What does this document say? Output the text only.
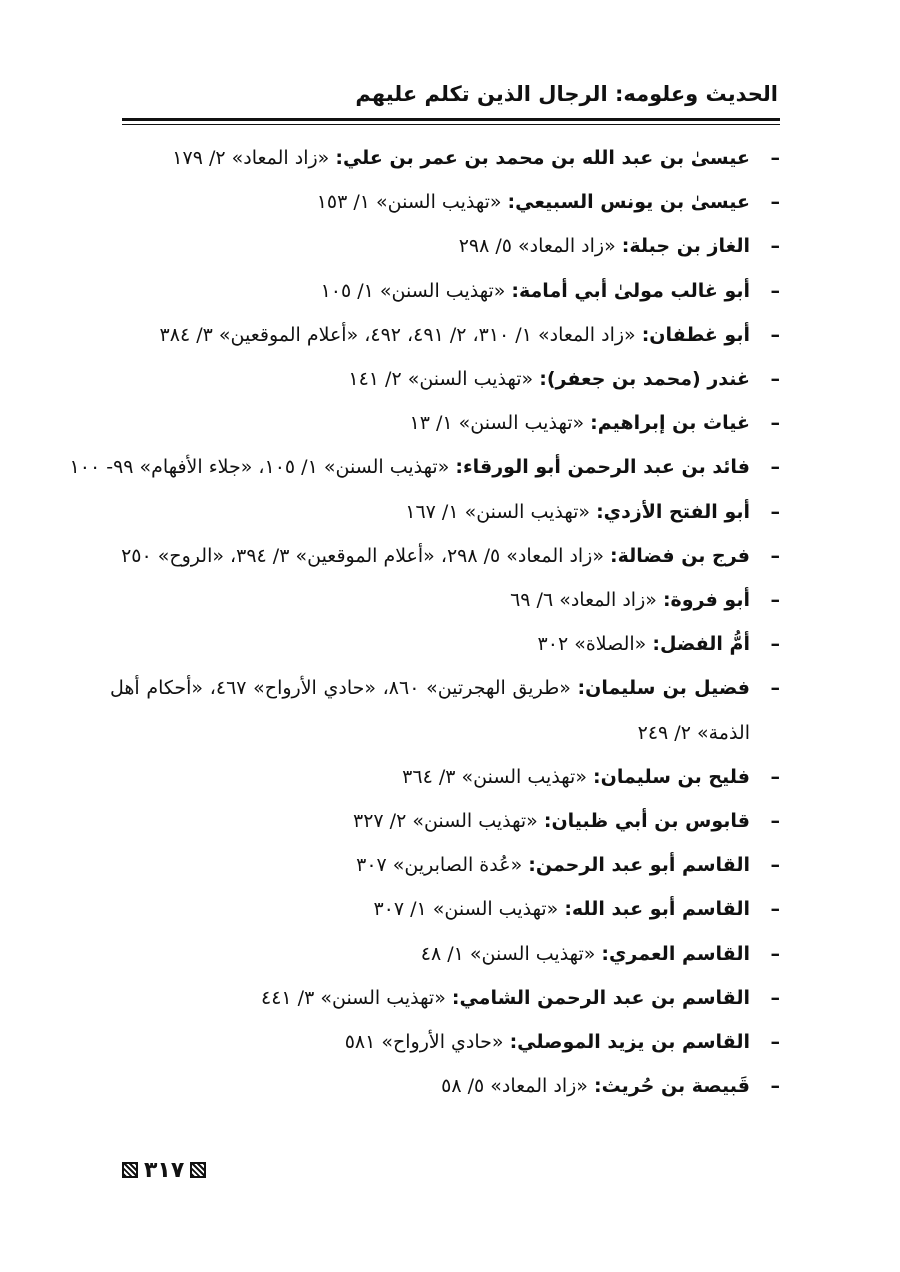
الحديث وعلومه: الرجال الذين تكلم عليهم
–
عيسىٰ بن عبد الله بن محمد بن عمر بن علي: «زاد المعاد» ٢/ ١٧٩
–
عيسىٰ بن يونس السبيعي: «تهذيب السنن» ١/ ١٥٣
–
الغاز بن جبلة: «زاد المعاد» ٥/ ٢٩٨
–
أبو غالب مولىٰ أبي أمامة: «تهذيب السنن» ١/ ١٠٥
–
أبو غطفان: «زاد المعاد» ١/ ٣١٠، ٢/ ٤٩١، ٤٩٢، «أعلام الموقعين» ٣/ ٣٨٤
–
غندر (محمد بن جعفر): «تهذيب السنن» ٢/ ١٤١
–
غياث بن إبراهيم: «تهذيب السنن» ١/ ١٣
–
فائد بن عبد الرحمن أبو الورقاء: «تهذيب السنن» ١/ ١٠٥، «جلاء الأفهام» ٩٩- ١٠٠
–
أبو الفتح الأزدي: «تهذيب السنن» ١/ ١٦٧
–
فرج بن فضالة: «زاد المعاد» ٥/ ٢٩٨، «أعلام الموقعين» ٣/ ٣٩٤، «الروح» ٢٥٠
–
أبو فروة: «زاد المعاد» ٦/ ٦٩
–
أمُّ الفضل: «الصلاة» ٣٠٢
–
فضيل بن سليمان: «طريق الهجرتين» ٨٦٠، «حادي الأرواح» ٤٦٧، «أحكام أهل الذمة» ٢/ ٢٤٩
–
فليح بن سليمان: «تهذيب السنن» ٣/ ٣٦٤
–
قابوس بن أبي ظبيان: «تهذيب السنن» ٢/ ٣٢٧
–
القاسم أبو عبد الرحمن: «عُدة الصابرين» ٣٠٧
–
القاسم أبو عبد الله: «تهذيب السنن» ١/ ٣٠٧
–
القاسم العمري: «تهذيب السنن» ١/ ٤٨
–
القاسم بن عبد الرحمن الشامي: «تهذيب السنن» ٣/ ٤٤١
–
القاسم بن يزيد الموصلي: «حادي الأرواح» ٥٨١
–
قَبيصة بن حُريث: «زاد المعاد» ٥/ ٥٨
٣١٧
